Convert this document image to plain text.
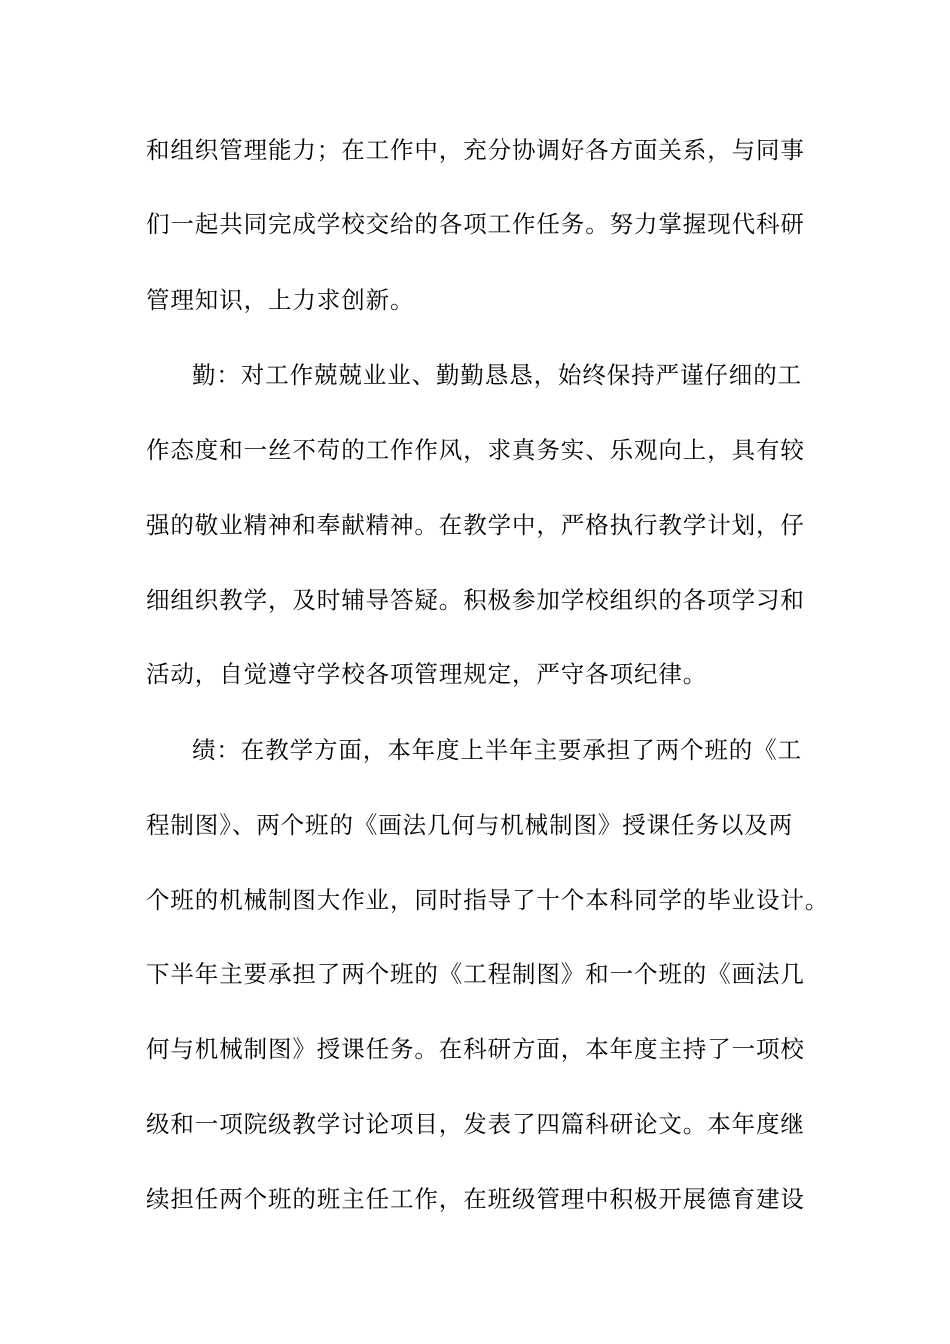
和组织管理能力；在工作中，充分协调好各方面关系，与同事
们一起共同完成学校交给的各项工作任务。努力掌握现代科研
管理知识，上力求创新。
勤：对工作兢兢业业、勤勤恳恳，始终保持严谨仔细的工
作态度和一丝不苟的工作作风，求真务实、乐观向上，具有较
强的敬业精神和奉献精神。在教学中，严格执行教学计划，仔
细组织教学，及时辅导答疑。积极参加学校组织的各项学习和
活动，自觉遵守学校各项管理规定，严守各项纪律。
绩：在教学方面，本年度上半年主要承担了两个班的《工
程制图》、两个班的《画法几何与机械制图》授课任务以及两
个班的机械制图大作业，同时指导了十个本科同学的毕业设计。
下半年主要承担了两个班的《工程制图》和一个班的《画法几
何与机械制图》授课任务。在科研方面，本年度主持了一项校
级和一项院级教学讨论项目，发表了四篇科研论文。本年度继
续担任两个班的班主任工作，在班级管理中积极开展德育建设
